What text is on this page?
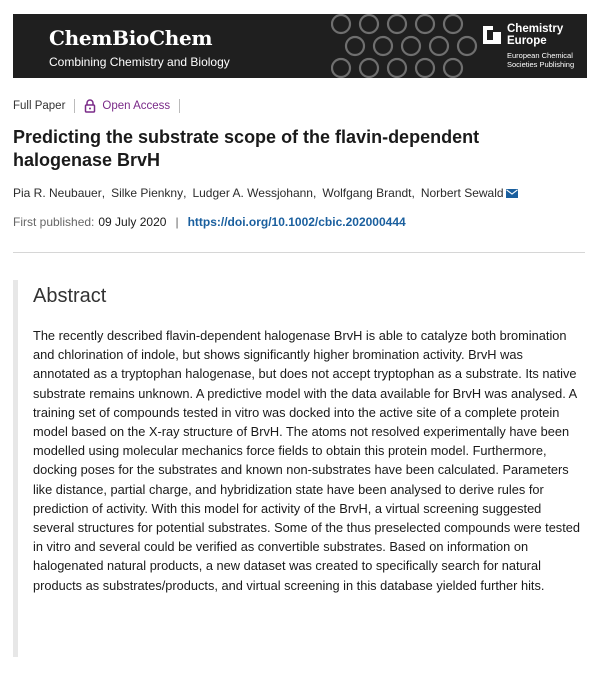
ChemBioChem
Combining Chemistry and Biology
Chemistry
Europe
European Chemical
Societies Publishing
Full Paper	Open Access
Predicting the substrate scope of the flavin‐dependent halogenase BrvH
Pia R. Neubauer , Silke Pienkny , Ludger A. Wessjohann , Wolfgang Brandt , Norbert Sewald
First published: 09 July 2020 | https://doi.org/10.1002/cbic.202000444
Abstract

The recently described flavin‐dependent halogenase BrvH is able to catalyze both bromination and chlorination of indole, but shows significantly higher bromination activity. BrvH was annotated as a tryptophan halogenase, but does not accept tryptophan as a substrate. Its native substrate remains unknown. A predictive model with the data available for BrvH was analysed. A training set of compounds tested in vitro was docked into the active site of a complete protein model based on the X‐ray structure of BrvH. The atoms not resolved experimentally have been modelled using molecular mechanics force fields to obtain this protein model. Furthermore, docking poses for the substrates and known non‐substrates have been calculated. Parameters like distance, partial charge, and hybridization state have been analysed to derive rules for prediction of activity. With this model for activity of the BrvH, a virtual screening suggested several structures for potential substrates. Some of the thus preselected compounds were tested in vitro and several could be verified as convertible substrates. Based on information on halogenated natural products, a new dataset was created to specifically search for natural products as substrates/products, and virtual screening in this database yielded further hits.
